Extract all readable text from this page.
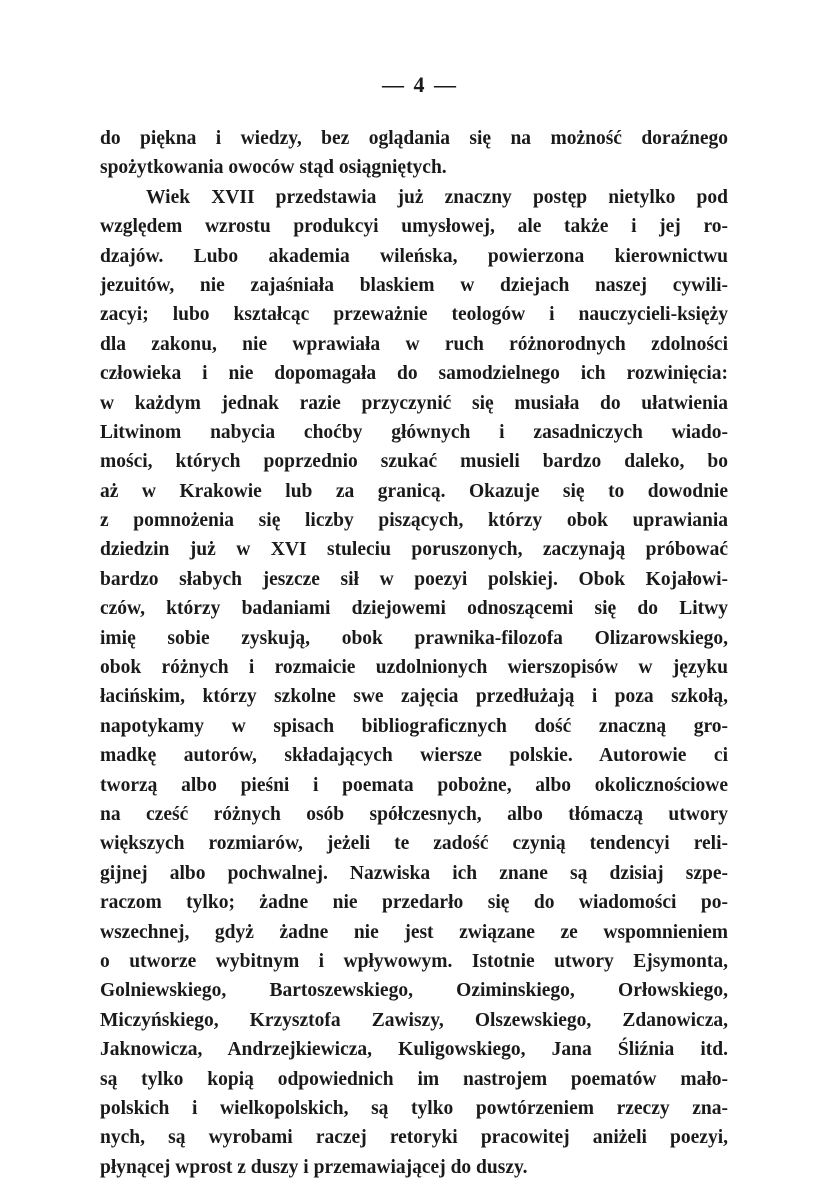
— 4 —
do piękna i wiedzy, bez oglądania się na możność doraźnego
spożytkowania owoców stąd osiągniętych.
Wiek XVII przedstawia już znaczny postęp nietylko pod
względem wzrostu produkcyi umysłowej, ale także i jej ro-
dzajów. Lubo akademia wileńska, powierzona kierownictwu
jezuitów, nie zajaśniała blaskiem w dziejach naszej cywili-
zacyi; lubo kształcąc przeważnie teologów i nauczycieli-księży
dla zakonu, nie wprawiała w ruch różnorodnych zdolności
człowieka i nie dopomagała do samodzielnego ich rozwinięcia:
w każdym jednak razie przyczynić się musiała do ułatwienia
Litwinom nabycia choćby głównych i zasadniczych wiado-
mości, których poprzednio szukać musieli bardzo daleko, bo
aż w Krakowie lub za granicą. Okazuje się to dowodnie
z pomnożenia się liczby piszących, którzy obok uprawiania
dziedzin już w XVI stuleciu poruszonych, zaczynają próbować
bardzo słabych jeszcze sił w poezyi polskiej. Obok Kojałowi-
czów, którzy badaniami dziejowemi odnoszącemi się do Litwy
imię sobie zyskują, obok prawnika-filozofa Olizarowskiego,
obok różnych i rozmaicie uzdolnionych wierszopisów w języku
łacińskim, którzy szkolne swe zajęcia przedłużają i poza szkołą,
napotykamy w spisach bibliograficznych dość znaczną gro-
madkę autorów, składających wiersze polskie. Autorowie ci
tworzą albo pieśni i poemata pobożne, albo okolicznościowe
na cześć różnych osób spółczesnych, albo tłómaczą utwory
większych rozmiarów, jeżeli te zadość czynią tendencyi reli-
gijnej albo pochwalnej. Nazwiska ich znane są dzisiaj szpe-
raczom tylko; żadne nie przedarło się do wiadomości po-
wszechnej, gdyż żadne nie jest związane ze wspomnieniem
o utworze wybitnym i wpływowym. Istotnie utwory Ejsymonta,
Golniewskiego, Bartoszewskiego, Oziminskiego, Orłowskiego,
Miczyńskiego, Krzysztofa Zawiszy, Olszewskiego, Zdanowicza,
Jaknowicza, Andrzejkiewicza, Kuligowskiego, Jana Śliźnia itd.
są tylko kopią odpowiednich im nastrojem poematów mało-
polskich i wielkopolskich, są tylko powtórzeniem rzeczy zna-
nych, są wyrobami raczej retoryki pracowitej aniżeli poezyi,
płynącej wprost z duszy i przemawiającej do duszy.
